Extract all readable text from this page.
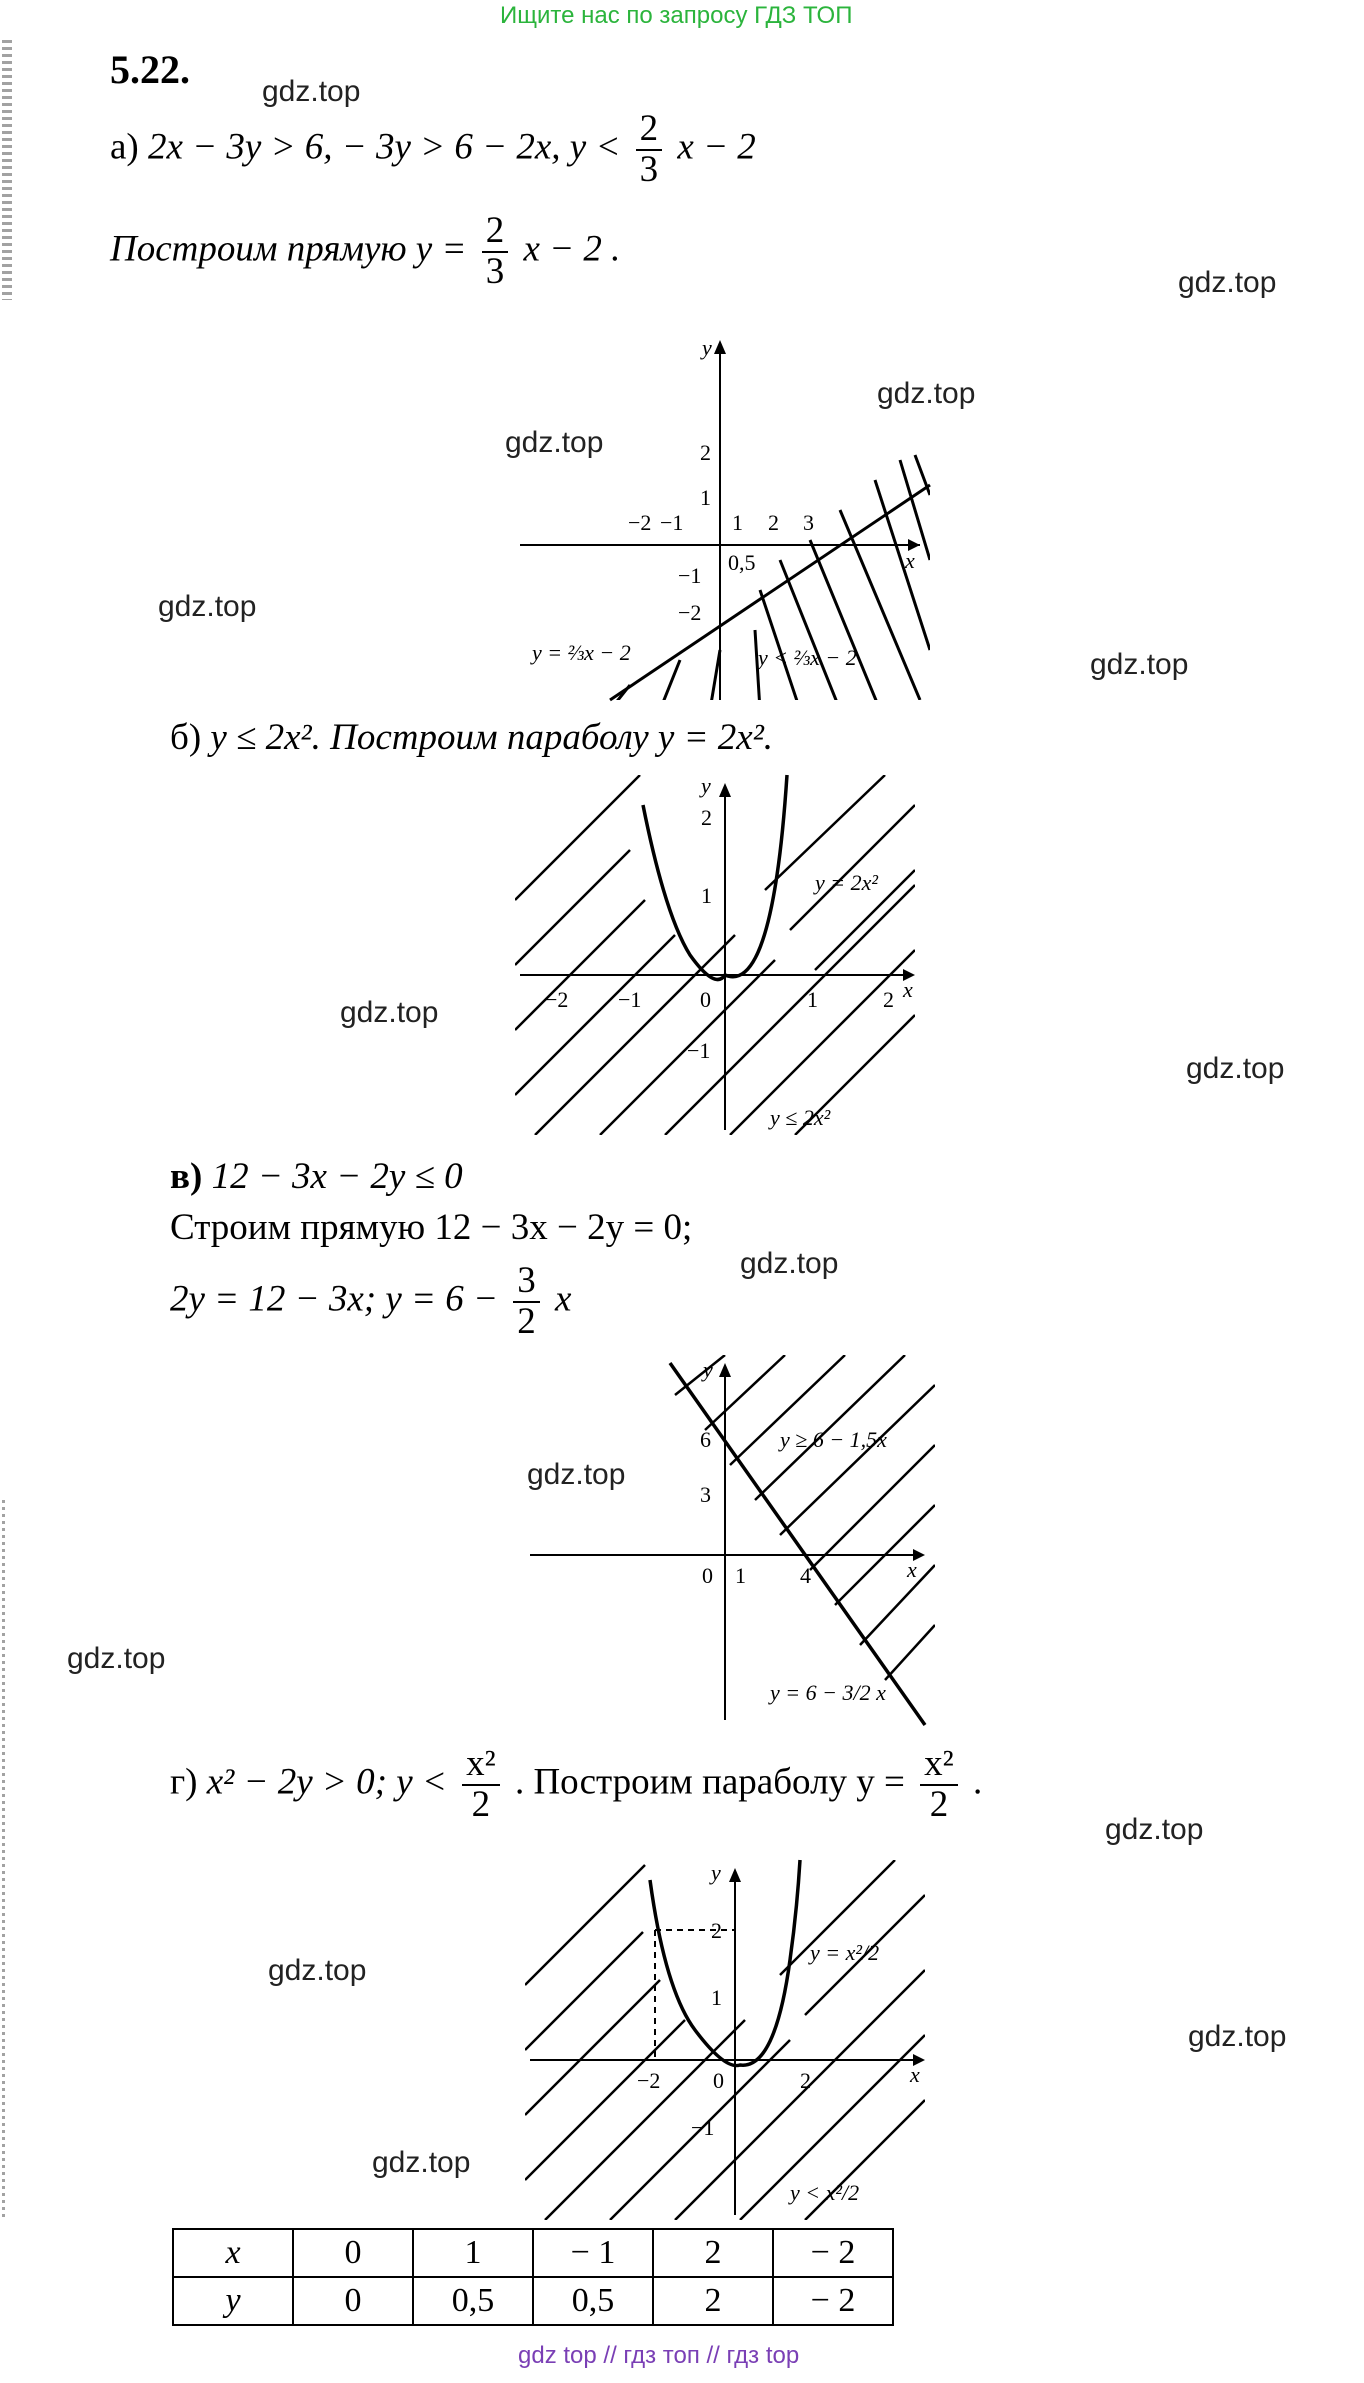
Ищите нас по запросу ГДЗ ТОП
5.22.
а) 2x − 3y > 6, − 3y > 6 − 2x, $y < \frac{2}{3}$ x − 2
Построим прямую $y = \frac{2}{3}$ x − 2 .
y
x
−2 −1 1 2 3
2
1
−1
−2
0,5
y = ⅔x − 2	y < ⅔x − 2
б) y ≤ 2x². Построим параболу y = 2x².
y
x
−2 −1	0	1	2
2
1
−1
y = 2x²
y ≤ 2x²
в) 12 − 3x − 2y ≤ 0
Строим прямую 12 − 3x − 2y = 0;
2y = 12 − 3x; $y = 6 - \frac{3}{2}$ x
y
x
0 1 4
6
3
y ≥ 6 − 1,5x
y = 6 − 3/2 x
г) x² − 2y > 0; $y < \frac{\text{x²}}{2}$ . Построим параболу $y = \frac{\text{x²}}{2}$ .
y
x
−2 0	2
2
1
−1
y = x²/2
y < x²/2
x	0	1	− 1	2	− 2
y	0	0,5	0,5	2	− 2
gdz.top
gdz.top
gdz.top
gdz.top
gdz.top
gdz.top
gdz.top
gdz.top
gdz.top
gdz.top
gdz.top
gdz.top
gdz.top
gdz.top
gdz.top
gdz top // гдз топ // гдз top
